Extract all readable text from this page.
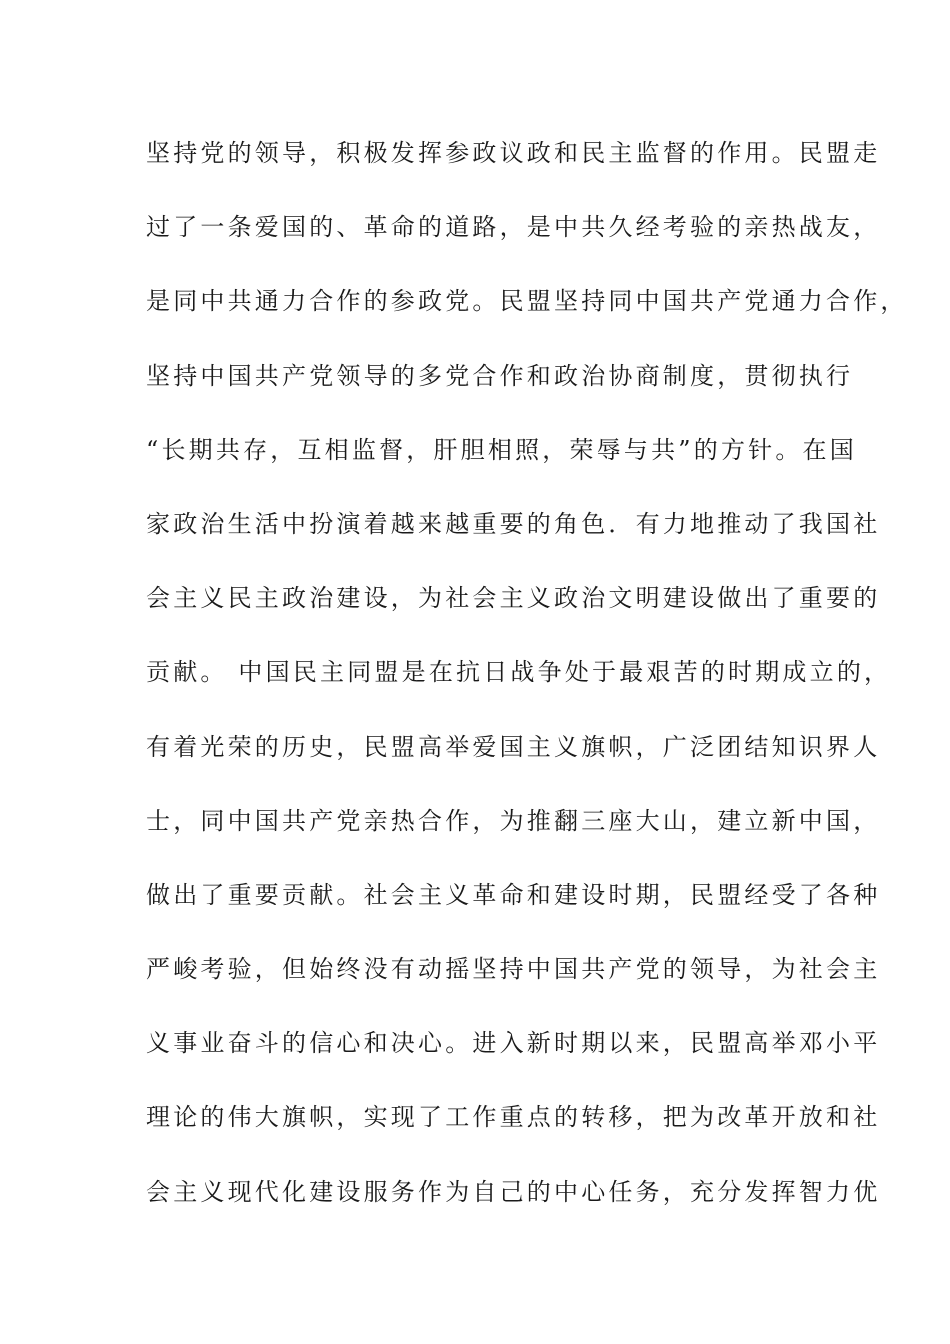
坚持党的领导，积极发挥参政议政和民主监督的作用。民盟走
过了一条爱国的、革命的道路，是中共久经考验的亲热战友，
是同中共通力合作的参政党。民盟坚持同中国共产党通力合作，
坚持中国共产党领导的多党合作和政治协商制度，贯彻执行
“长期共存，互相监督，肝胆相照，荣辱与共”的方针。在国
家政治生活中扮演着越来越重要的角色．有力地推动了我国社
会主义民主政治建设，为社会主义政治文明建设做出了重要的
贡献。 中国民主同盟是在抗日战争处于最艰苦的时期成立的，
有着光荣的历史，民盟高举爱国主义旗帜，广泛团结知识界人
士，同中国共产党亲热合作，为推翻三座大山，建立新中国，
做出了重要贡献。社会主义革命和建设时期，民盟经受了各种
严峻考验，但始终没有动摇坚持中国共产党的领导，为社会主
义事业奋斗的信心和决心。进入新时期以来，民盟高举邓小平
理论的伟大旗帜，实现了工作重点的转移，把为改革开放和社
会主义现代化建设服务作为自己的中心任务，充分发挥智力优
